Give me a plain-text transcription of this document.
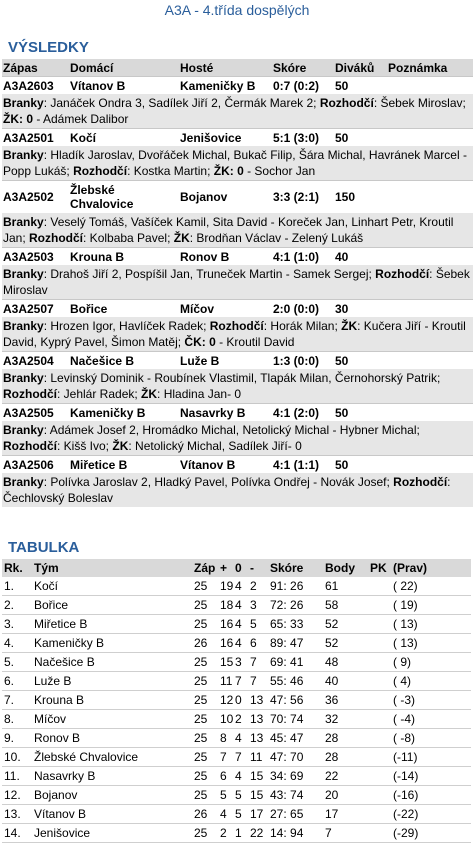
A3A - 4.třída dospělých
VÝSLEDKY
Zápas	Domácí	Hosté	Skóre	Diváků	Poznámka
A3A2603	Vítanov B	Kameničky B	0:7 (0:2)	50	
Branky: Janáček Ondra 3, Sadílek Jiří 2, Čermák Marek 2; Rozhodčí: Šebek Miroslav; ŽK: 0 - Adámek Dalibor					
A3A2501	Kočí	Jenišovice	5:1 (3:0)	50	
Branky: Hladík Jaroslav, Dvořáček Michal, Bukač Filip, Šára Michal, Havránek Marcel - Popp Lukáš; Rozhodčí: Kostka Martin; ŽK: 0 - Sochor Jan					
A3A2502	Žlebské Chvalovice	Bojanov	3:3 (2:1)	150	
Branky: Veselý Tomáš, Vašíček Kamil, Sita David - Koreček Jan, Linhart Petr, Kroutil Jan; Rozhodčí: Kolbaba Pavel; ŽK: Brodňan Václav - Zelený Lukáš					
A3A2503	Krouna B	Ronov B	4:1 (1:0)	40	
Branky: Drahoš Jiří 2, Pospíšil Jan, Truneček Martin - Samek Sergej; Rozhodčí: Šebek Miroslav					
A3A2507	Bořice	Míčov	2:0 (0:0)	30	
Branky: Hrozen Igor, Havlíček Radek; Rozhodčí: Horák Milan; ŽK: Kučera Jiří - Kroutil David, Kyprý Pavel, Šimon Matěj; ČK: 0 - Kroutil David					
A3A2504	Načešice B	Luže B	1:3 (0:0)	50	
Branky: Levinský Dominik - Roubínek Vlastimil, Tlapák Milan, Černohorský Patrik; Rozhodčí: Jehlár Radek; ŽK: Hladina Jan- 0					
A3A2505	Kameničky B	Nasavrky B	4:1 (2:0)	50	
Branky: Adámek Josef 2, Hromádko Michal, Netolický Michal - Hybner Michal; Rozhodčí: Kišš Ivo; ŽK: Netolický Michal, Sadílek Jiří- 0					
A3A2506	Miřetice B	Vítanov B	4:1 (1:1)	50	
Branky: Polívka Jaroslav 2, Hladký Pavel, Polívka Ondřej - Novák Josef; Rozhodčí: Čechlovský Boleslav					
TABULKA
Rk.	Tým	Záp	+	0	-	Skóre	Body	PK	(Prav)
1.	Kočí	25	19	4	2	91: 26	61		( 22)
2.	Bořice	25	18	4	3	72: 26	58		( 19)
3.	Miřetice B	25	16	4	5	65: 33	52		( 13)
4.	Kameničky B	26	16	4	6	89: 47	52		( 13)
5.	Načešice B	25	15	3	7	69: 41	48		( 9)
6.	Luže B	25	11	7	7	55: 46	40		( 4)
7.	Krouna B	25	12	0	13	47: 56	36		( -3)
8.	Míčov	25	10	2	13	70: 74	32		( -4)
9.	Ronov B	25	8	4	13	45: 47	28		( -8)
10.	Žlebské Chvalovice	25	7	7	11	47: 70	28		(-11)
11.	Nasavrky B	25	6	4	15	34: 69	22		(-14)
12.	Bojanov	25	5	5	15	43: 74	20		(-16)
13.	Vítanov B	26	4	5	17	27: 65	17		(-22)
14.	Jenišovice	25	2	1	22	14: 94	7		(-29)
